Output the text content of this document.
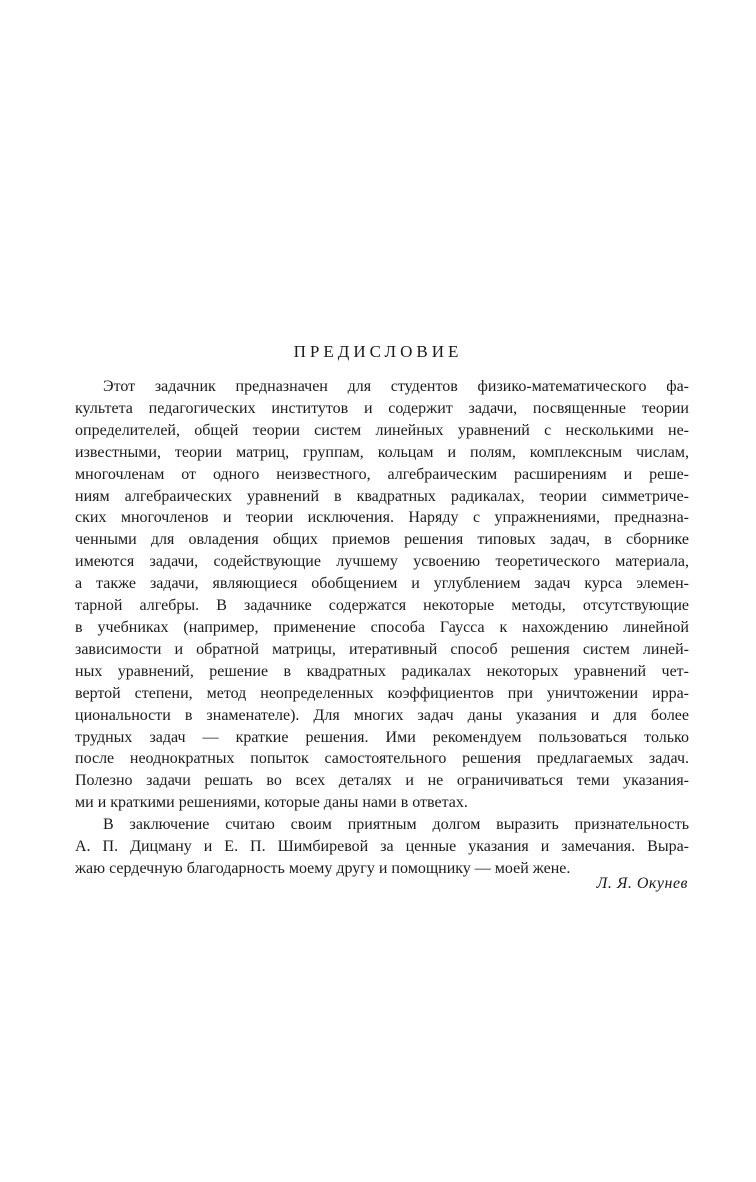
ПРЕДИСЛОВИЕ
Этот задачник предназначен для студентов физико-математического фа-
культета педагогических институтов и содержит задачи, посвященные теории
определителей, общей теории систем линейных уравнений с несколькими не-
известными, теории матриц, группам, кольцам и полям, комплексным числам,
многочленам от одного неизвестного, алгебраическим расширениям и реше-
ниям алгебраических уравнений в квадратных радикалах, теории симметриче-
ских многочленов и теории исключения. Наряду с упражнениями, предназна-
ченными для овладения общих приемов решения типовых задач, в сборнике
имеются задачи, содействующие лучшему усвоению теоретического материала,
а также задачи, являющиеся обобщением и углублением задач курса элемен-
тарной алгебры. В задачнике содержатся некоторые методы, отсутствующие
в учебниках (например, применение способа Гаусса к нахождению линейной
зависимости и обратной матрицы, итеративный способ решения систем линей-
ных уравнений, решение в квадратных радикалах некоторых уравнений чет-
вертой степени, метод неопределенных коэффициентов при уничтожении ирра-
циональности в знаменателе). Для многих задач даны указания и для более
трудных задач — краткие решения. Ими рекомендуем пользоваться только
после неоднократных попыток самостоятельного решения предлагаемых задач.
Полезно задачи решать во всех деталях и не ограничиваться теми указания-
ми и краткими решениями, которые даны нами в ответах.
В заключение считаю своим приятным долгом выразить признательность
А. П. Дицману и Е. П. Шимбиревой за ценные указания и замечания. Выра-
жаю сердечную благодарность моему другу и помощнику — моей жене.
Л. Я. Окунев
